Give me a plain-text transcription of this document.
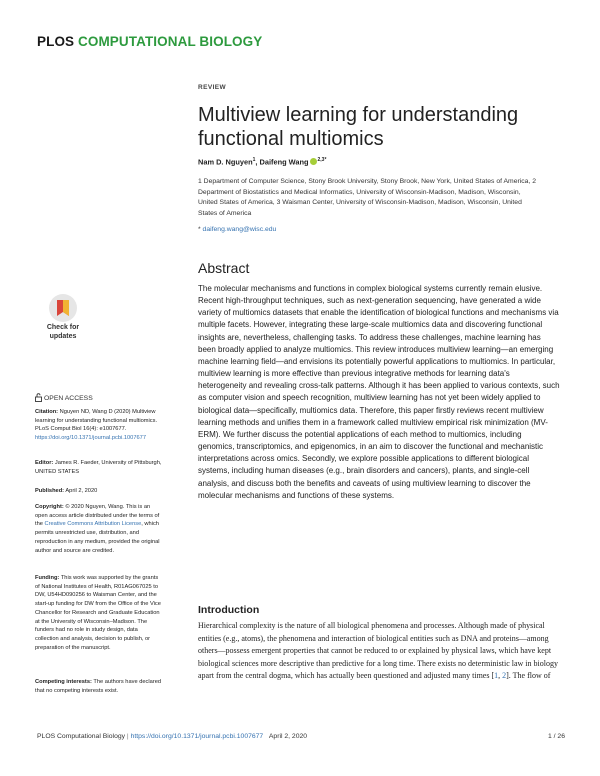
PLOS COMPUTATIONAL BIOLOGY
REVIEW
Multiview learning for understanding functional multiomics
Nam D. Nguyen$^1$, Daifeng Wang $^{2,3*}$
1 Department of Computer Science, Stony Brook University, Stony Brook, New York, United States of America, 2 Department of Biostatistics and Medical Informatics, University of Wisconsin-Madison, Madison, Wisconsin, United States of America, 3 Waisman Center, University of Wisconsin-Madison, Madison, Wisconsin, United States of America
* daifeng.wang@wisc.edu
Check for
updates
OPEN ACCESS
Citation: Nguyen ND, Wang D (2020) Multiview learning for understanding functional multiomics. PLoS Comput Biol 16(4): e1007677. https://doi.org/10.1371/journal.pcbi.1007677
Editor: James R. Faeder, University of Pittsburgh, UNITED STATES
Published: April 2, 2020
Copyright: © 2020 Nguyen, Wang. This is an open access article distributed under the terms of the Creative Commons Attribution License, which permits unrestricted use, distribution, and reproduction in any medium, provided the original author and source are credited.
Funding: This work was supported by the grants of National Institutes of Health, R01AG067025 to DW, U54HD090256 to Waisman Center, and the start-up funding for DW from the Office of the Vice Chancellor for Research and Graduate Education at the University of Wisconsin–Madison. The funders had no role in study design, data collection and analysis, decision to publish, or preparation of the manuscript.
Competing interests: The authors have declared that no competing interests exist.
Abstract

The molecular mechanisms and functions in complex biological systems currently remain elusive. Recent high-throughput techniques, such as next-generation sequencing, have generated a wide variety of multiomics datasets that enable the identification of biological functions and mechanisms via multiple facets. However, integrating these large-scale multiomics data and discovering functional insights are, nevertheless, challenging tasks. To address these challenges, machine learning has been broadly applied to analyze multiomics. This review introduces multiview learning—an emerging machine learning field—and envisions its potentially powerful applications to multiomics. In particular, multiview learning is more effective than previous integrative methods for learning data's heterogeneity and revealing cross-talk patterns. Although it has been applied to various contexts, such as computer vision and speech recognition, multiview learning has not yet been widely applied to biological data—specifically, multiomics data. Therefore, this paper firstly reviews recent multiview learning methods and unifies them in a framework called multiview empirical risk minimization (MV-ERM). We further discuss the potential applications of each method to multiomics, including genomics, transcriptomics, and epigenomics, in an aim to discover the functional and mechanistic interpretations across omics. Secondly, we explore possible applications to different biological systems, including human diseases (e.g., brain disorders and cancers), plants, and single-cell analysis, and discuss both the benefits and caveats of using multiview learning to discover the molecular mechanisms and functions of these systems.

Introduction

Hierarchical complexity is the nature of all biological phenomena and processes. Although made of physical entities (e.g., atoms), the phenomena and interaction of biological entities such as DNA and proteins—among others—possess emergent properties that cannot be reduced to or explained by physical laws, which have kept biological sciences more descriptive than predictive for a long time. There exists no deterministic law in biology apart from the central dogma, which has actually been questioned and adjusted many times [1, 2]. The flow of

PLOS Computational Biology | https://doi.org/10.1371/journal.pcbi.1007677 April 2, 2020	1 / 26
